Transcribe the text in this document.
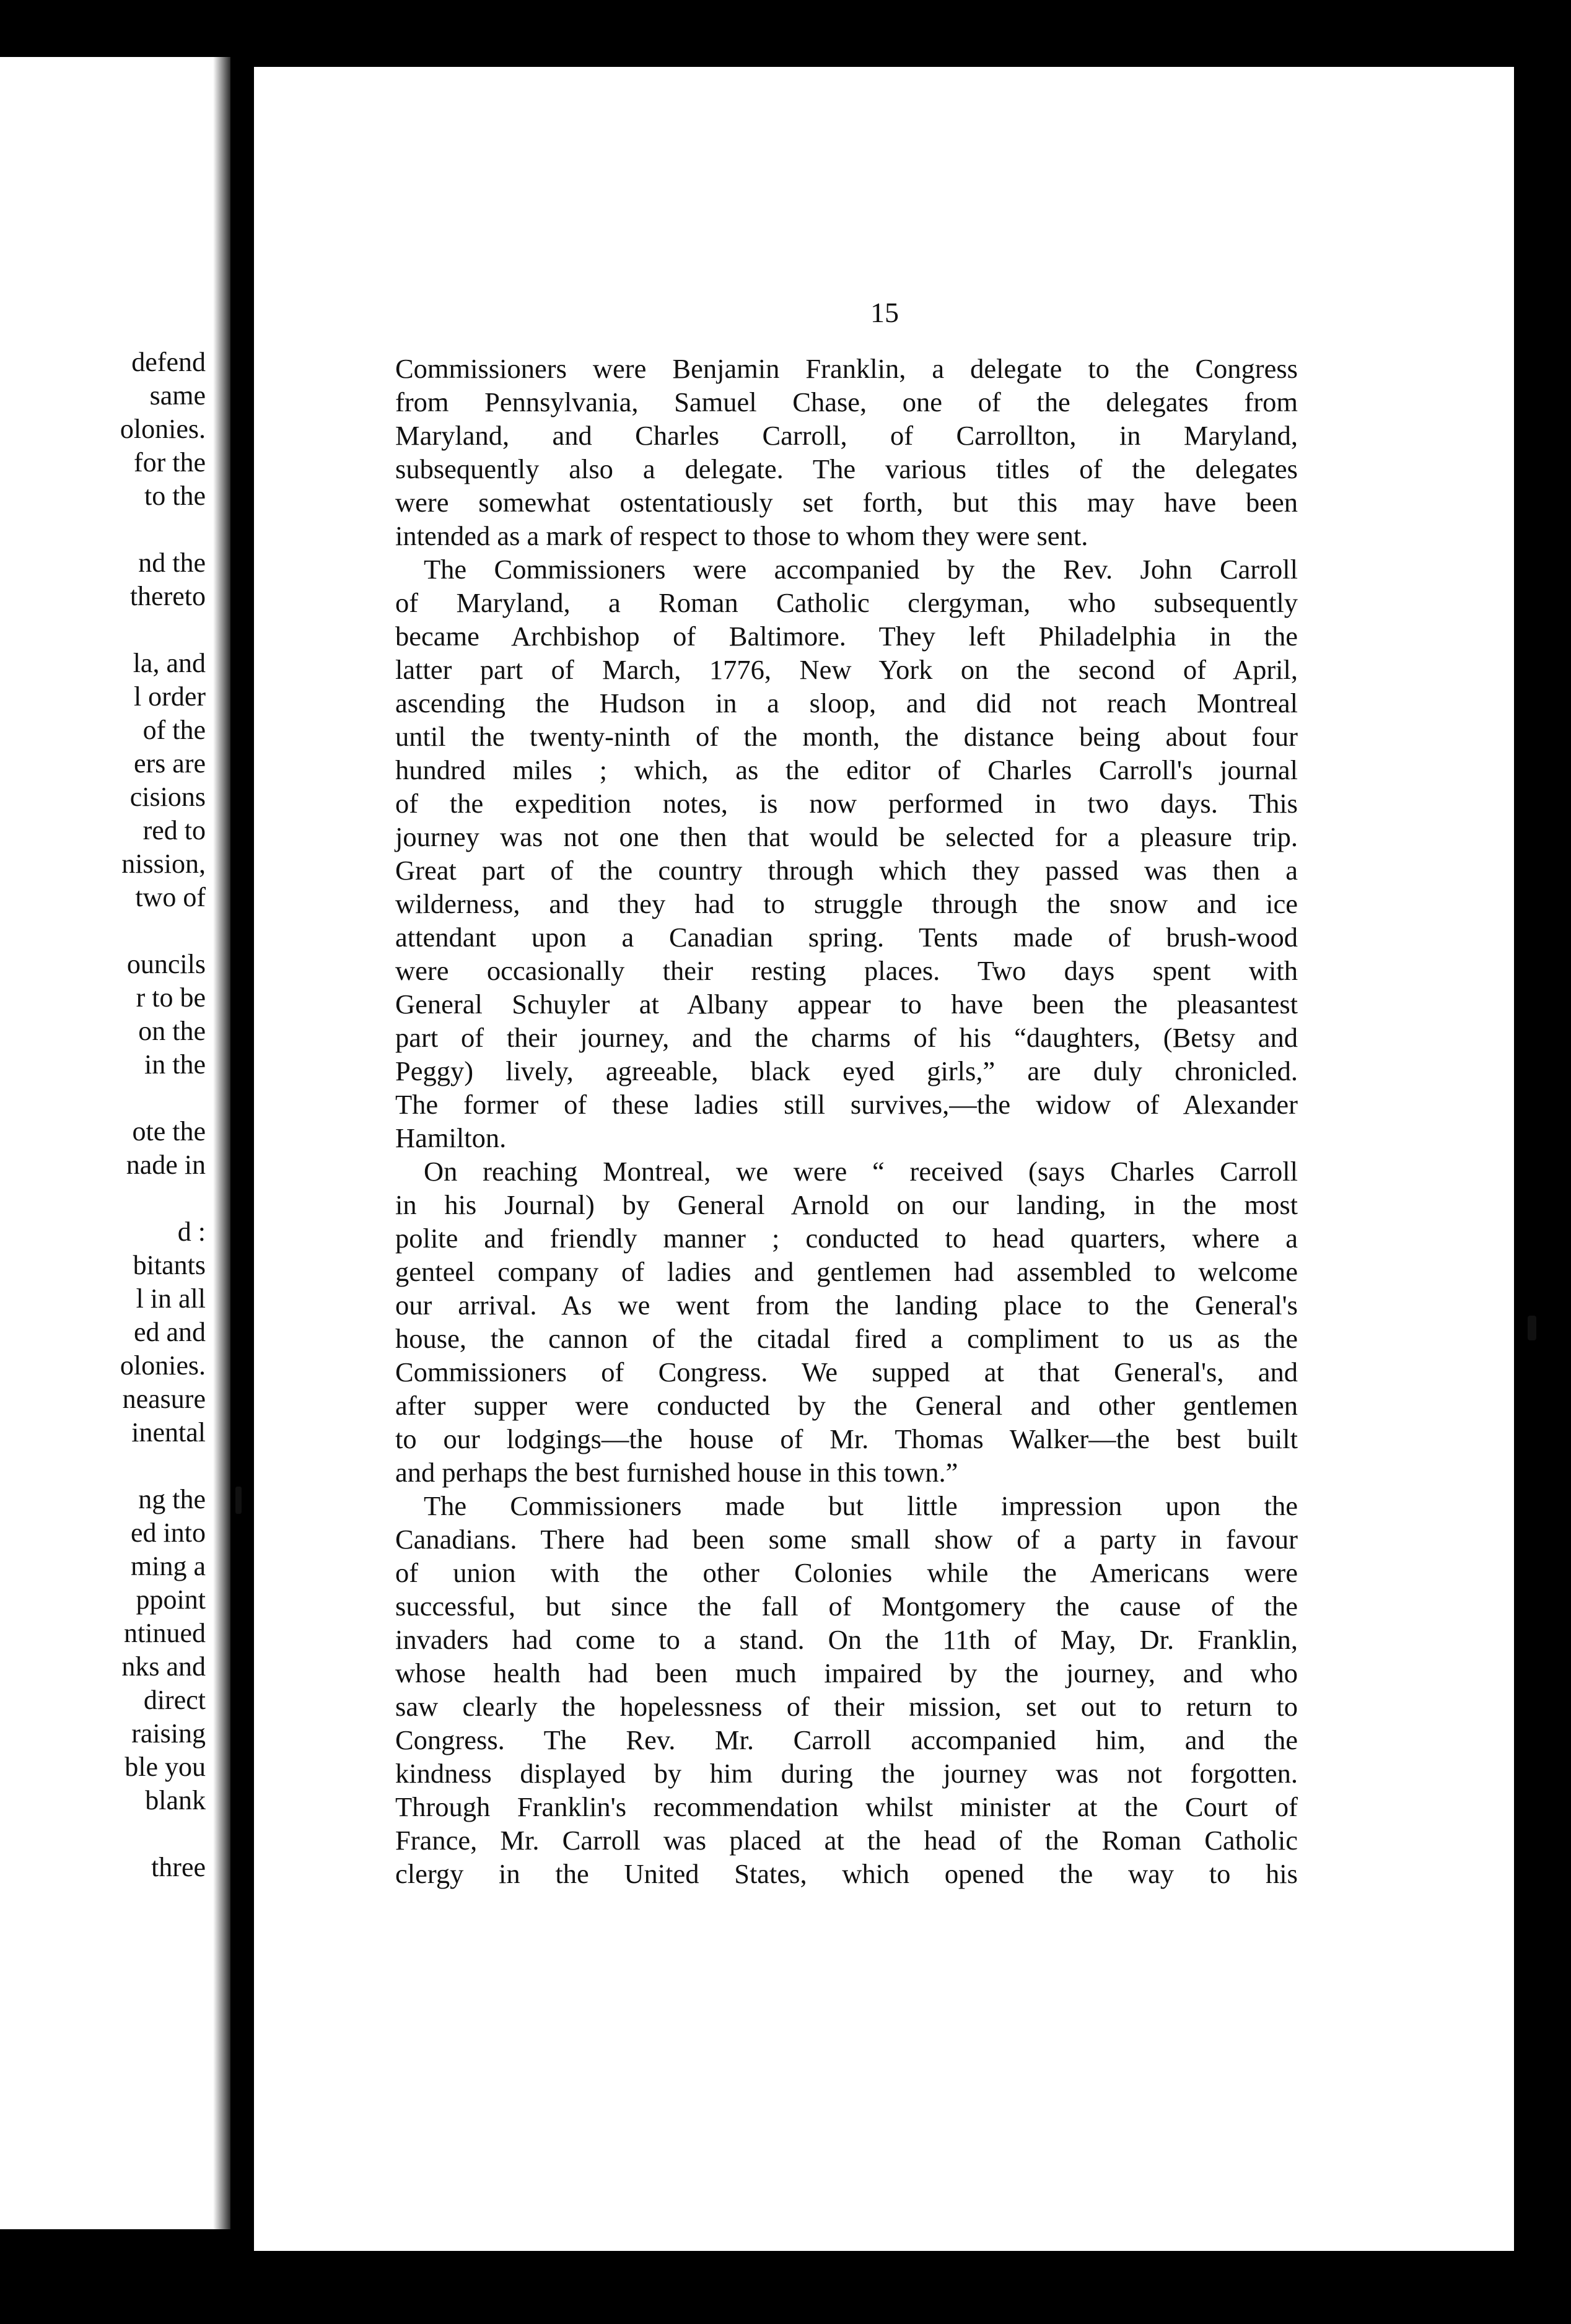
defend
same
olonies.
for the
to the
nd the
thereto
la, and
l order
of the
ers are
cisions
red to
nission,
two of
ouncils
r to be
on the
in the
ote the
nade in
d :
bitants
l in all
ed and
olonies.
neasure
inental
ng the
ed into
ming a
ppoint
ntinued
nks and
direct
raising
ble you
blank
three
15
Commissioners were Benjamin Franklin, a delegate to the Congress
from Pennsylvania, Samuel Chase, one of the delegates from
Maryland, and Charles Carroll, of Carrollton, in Maryland,
subsequently also a delegate. The various titles of the delegates
were somewhat ostentatiously set forth, but this may have been
intended as a mark of respect to those to whom they were sent.
The Commissioners were accompanied by the Rev. John Carroll
of Maryland, a Roman Catholic clergyman, who subsequently
became Archbishop of Baltimore. They left Philadelphia in the
latter part of March, 1776, New York on the second of April,
ascending the Hudson in a sloop, and did not reach Montreal
until the twenty-ninth of the month, the distance being about four
hundred miles ; which, as the editor of Charles Carroll's journal
of the expedition notes, is now performed in two days. This
journey was not one then that would be selected for a pleasure trip.
Great part of the country through which they passed was then a
wilderness, and they had to struggle through the snow and ice
attendant upon a Canadian spring. Tents made of brush-wood
were occasionally their resting places. Two days spent with
General Schuyler at Albany appear to have been the pleasantest
part of their journey, and the charms of his “daughters, (Betsy and
Peggy) lively, agreeable, black eyed girls,” are duly chronicled.
The former of these ladies still survives,—the widow of Alexander
Hamilton.
On reaching Montreal, we were “ received (says Charles Carroll
in his Journal) by General Arnold on our landing, in the most
polite and friendly manner ; conducted to head quarters, where a
genteel company of ladies and gentlemen had assembled to welcome
our arrival. As we went from the landing place to the General's
house, the cannon of the citadal fired a compliment to us as the
Commissioners of Congress. We supped at that General's, and
after supper were conducted by the General and other gentlemen
to our lodgings—the house of Mr. Thomas Walker—the best built
and perhaps the best furnished house in this town.”
The Commissioners made but little impression upon the
Canadians. There had been some small show of a party in favour
of union with the other Colonies while the Americans were
successful, but since the fall of Montgomery the cause of the
invaders had come to a stand. On the 11th of May, Dr. Franklin,
whose health had been much impaired by the journey, and who
saw clearly the hopelessness of their mission, set out to return to
Congress. The Rev. Mr. Carroll accompanied him, and the
kindness displayed by him during the journey was not forgotten.
Through Franklin's recommendation whilst minister at the Court of
France, Mr. Carroll was placed at the head of the Roman Catholic
clergy in the United States, which opened the way to his
